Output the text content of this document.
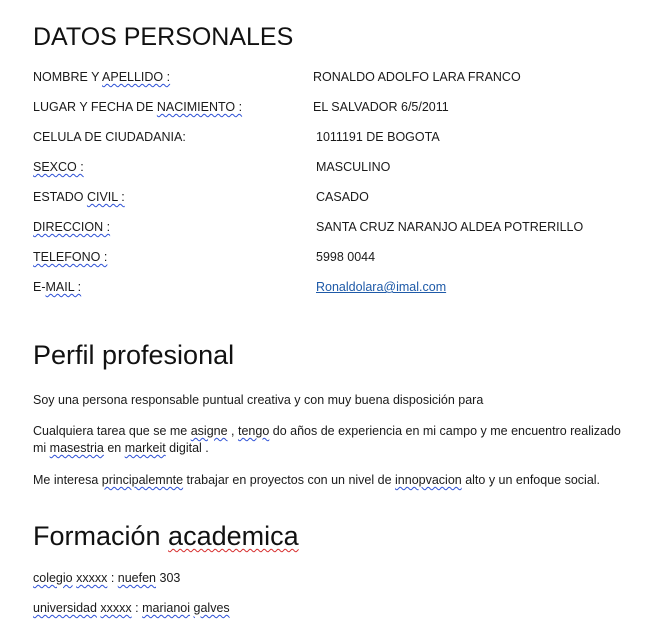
DATOS PERSONALES
NOMBRE Y APELLIDO :	RONALDO ADOLFO LARA FRANCO
LUGAR Y FECHA DE NACIMIENTO :	EL SALVADOR 6/5/2011
CELULA DE CIUDADANIA:	1011191 DE BOGOTA
SEXCO :	MASCULINO
ESTADO CIVIL :	CASADO
DIRECCION :	SANTA CRUZ NARANJO ALDEA POTRERILLO
TELEFONO :	5998 0044
E-MAIL :	Ronaldolara@imal.com
Perfil profesional

Soy una persona responsable puntual creativa y con muy buena disposición para

Cualquiera tarea que se me asigne , tengo do años de experiencia en mi campo y me encuentro realizado mi masestria en markeit digital .

Me interesa principalemnte trabajar en proyectos con un nivel de innopvacion alto y un enfoque social.

Formación academica
colegio xxxxx : nuefen 303
universidad xxxxx : marianoi galves
